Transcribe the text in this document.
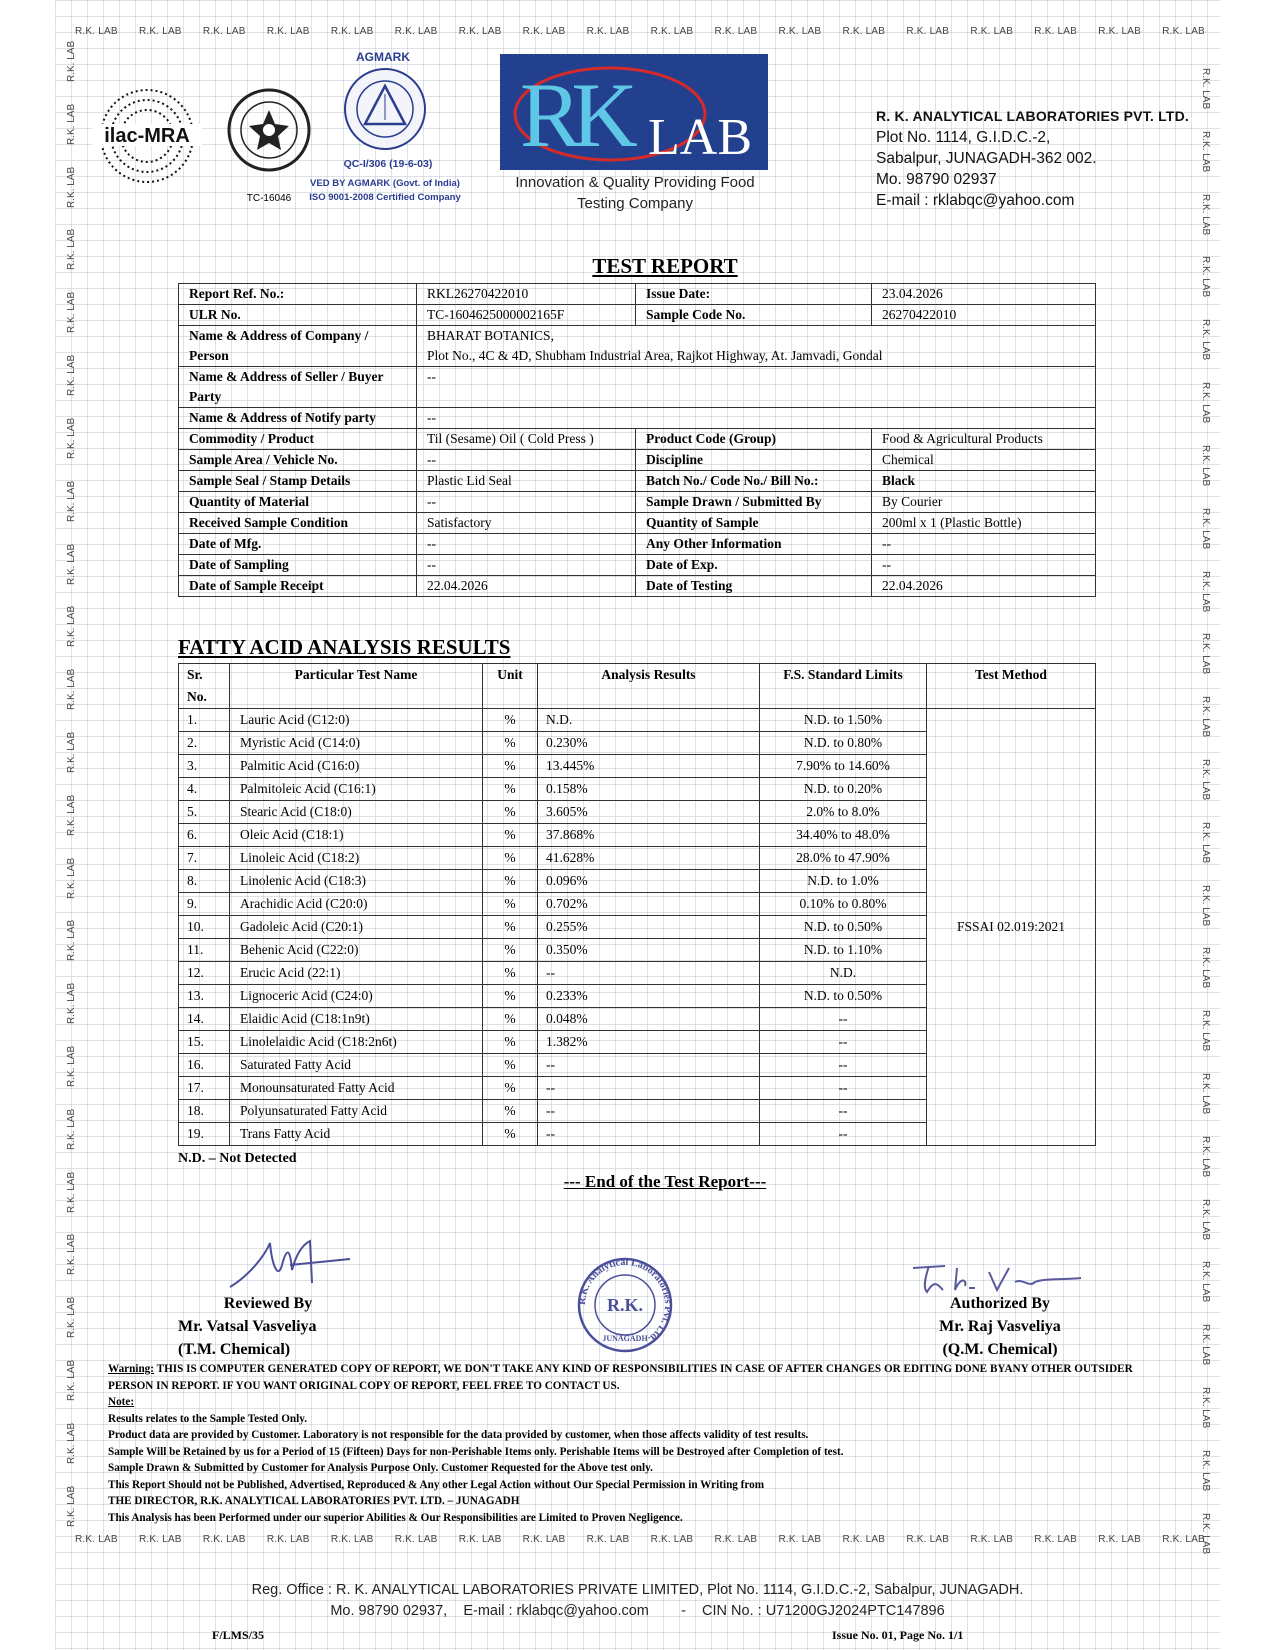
R.K. LAB R.K. LAB R.K. LAB R.K. LAB R.K. LAB R.K. LAB R.K. LAB R.K. LAB R.K. LAB R.K. LAB R.K. LAB R.K. LAB R.K. LAB R.K. LAB R.K. LAB R.K. LAB R.K. LAB R.K. LAB
R.K. LAB R.K. LAB R.K. LAB R.K. LAB R.K. LAB R.K. LAB R.K. LAB R.K. LAB R.K. LAB R.K. LAB R.K. LAB R.K. LAB R.K. LAB R.K. LAB R.K. LAB R.K. LAB R.K. LAB R.K. LAB
ilac-MRA
TC-16046
AGMARK
QC-I/306 (19-6-03)
VED BY AGMARK (Govt. of India)
ISO 9001-2008 Certified Company
RK LAB
Innovation & Quality Providing Food
Testing Company
R. K. ANALYTICAL LABORATORIES PVT. LTD.
Plot No. 1114, G.I.D.C.-2,
Sabalpur, JUNAGADH-362 002.
Mo. 98790 02937
E-mail : rklabqc@yahoo.com
TEST REPORT
Report Ref. No.:	RKL26270422010	Issue Date:	23.04.2026
ULR No.	TC-1604625000002165F	Sample Code No.	26270422010
Name & Address of Company / Person	BHARAT BOTANICS,
Plot No., 4C & 4D, Shubham Industrial Area, Rajkot Highway, At. Jamvadi, Gondal		

Name & Address of Seller / Buyer Party	--		
Name & Address of Notify party	--		
Commodity / Product	Til (Sesame) Oil ( Cold Press )	Product Code (Group)	Food & Agricultural Products
Sample Area / Vehicle No.	--	Discipline	Chemical
Sample Seal / Stamp Details	Plastic Lid Seal	Batch No./ Code No./ Bill No.:	Black
Quantity of Material	--	Sample Drawn / Submitted By	By Courier
Received Sample Condition	Satisfactory	Quantity of Sample	200ml x 1 (Plastic Bottle)
Date of Mfg.	--	Any Other Information	--
Date of Sampling	--	Date of Exp.	--
Date of Sample Receipt	22.04.2026	Date of Testing	22.04.2026
FATTY ACID ANALYSIS RESULTS
Sr. No.	Particular Test Name	Unit	Analysis Results	F.S. Standard Limits	Test Method
1.	Lauric Acid (C12:0)	%	N.D.	N.D. to 1.50%	FSSAI 02.019:2021
2.	Myristic Acid (C14:0)	%	0.230%	N.D. to 0.80%	
3.	Palmitic Acid (C16:0)	%	13.445%	7.90% to 14.60%	
4.	Palmitoleic Acid (C16:1)	%	0.158%	N.D. to 0.20%	
5.	Stearic Acid (C18:0)	%	3.605%	2.0% to 8.0%	
6.	Oleic Acid (C18:1)	%	37.868%	34.40% to 48.0%	
7.	Linoleic Acid (C18:2)	%	41.628%	28.0% to 47.90%	
8.	Linolenic Acid (C18:3)	%	0.096%	N.D. to 1.0%	
9.	Arachidic Acid (C20:0)	%	0.702%	0.10% to 0.80%	
10.	Gadoleic Acid (C20:1)	%	0.255%	N.D. to 0.50%	
11.	Behenic Acid (C22:0)	%	0.350%	N.D. to 1.10%	
12.	Erucic Acid (22:1)	%	--	N.D.	
13.	Lignoceric Acid (C24:0)	%	0.233%	N.D. to 0.50%	
14.	Elaidic Acid (C18:1n9t)	%	0.048%	--	
15.	Linolelaidic Acid (C18:2n6t)	%	1.382%	--	
16.	Saturated Fatty Acid	%	--	--	
17.	Monounsaturated Fatty Acid	%	--	--	
18.	Polyunsaturated Fatty Acid	%	--	--	
19.	Trans Fatty Acid	%	--	--	
N.D. – Not Detected
--- End of the Test Report---
Reviewed By
Mr. Vatsal Vasveliya
(T.M. Chemical)
R.K. Analytical Laboratories Pvt. Ltd.
R.K.
JUNAGADH
Authorized By
Mr. Raj Vasveliya
(Q.M. Chemical)
Warning: THIS IS COMPUTER GENERATED COPY OF REPORT, WE DON'T TAKE ANY KIND OF RESPONSIBILITIES IN CASE OF AFTER CHANGES OR EDITING DONE BYANY OTHER OUTSIDER PERSON IN REPORT. IF YOU WANT ORIGINAL COPY OF REPORT, FEEL FREE TO CONTACT US.
Note:
Results relates to the Sample Tested Only.
Product data are provided by Customer. Laboratory is not responsible for the data provided by customer, when those affects validity of test results.
Sample Will be Retained by us for a Period of 15 (Fifteen) Days for non-Perishable Items only. Perishable Items will be Destroyed after Completion of test.
Sample Drawn & Submitted by Customer for Analysis Purpose Only. Customer Requested for the Above test only.
This Report Should not be Published, Advertised, Reproduced & Any other Legal Action without Our Special Permission in Writing from
THE DIRECTOR, R.K. ANALYTICAL LABORATORIES PVT. LTD. – JUNAGADH
This Analysis has been Performed under our superior Abilities & Our Responsibilities are Limited to Proven Negligence.
Reg. Office : R. K. ANALYTICAL LABORATORIES PRIVATE LIMITED, Plot No. 1114, G.I.D.C.-2, Sabalpur, JUNAGADH.
Mo. 98790 02937,    E-mail : rklabqc@yahoo.com        -    CIN No. : U71200GJ2024PTC147896
F/LMS/35	Issue No. 01, Page No. 1/1
